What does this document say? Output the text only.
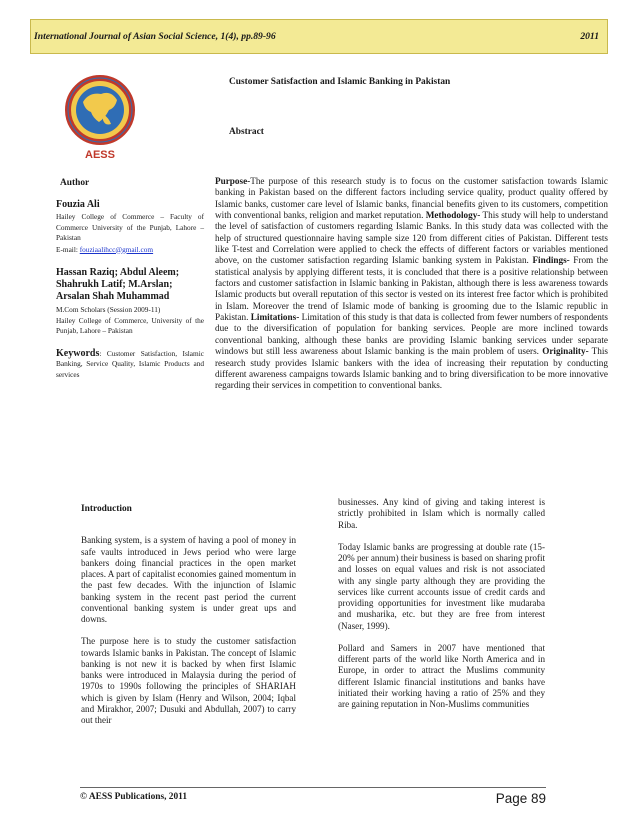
International Journal of Asian Social Science, 1(4), pp.89-96	2011
AESS
Customer Satisfaction and Islamic Banking in Pakistan
Abstract
Author

Fouzia Ali

Hailey College of Commerce – Faculty of Commerce University of the Punjab, Lahore – Pakistan

E-mail: fouziaalihcc@gmail.com

Hassan Raziq; Abdul Aleem; Shahrukh Latif; M.Arslan; Arsalan Shah Muhammad

M.Com Scholars (Session 2009-11)

Hailey College of Commerce, University of the Punjab, Lahore – Pakistan

Keywords: Customer Satisfaction, Islamic Banking, Service Quality, Islamic Products and services

Purpose-The purpose of this research study is to focus on the customer satisfaction towards Islamic banking in Pakistan based on the different factors including service quality, product quality offered by Islamic banks, customer care level of Islamic banks, financial benefits given to its customers, competition with conventional banks, religion and market reputation. Methodology- This study will help to understand the level of satisfaction of customers regarding Islamic Banks. In this study data was collected with the help of structured questionnaire having sample size 120 from different cities of Pakistan. Different tests like T-test and Correlation were applied to check the effects of different factors or variables mentioned above, on the customer satisfaction regarding Islamic banking system in Pakistan. Findings- From the statistical analysis by applying different tests, it is concluded that there is a positive relationship between factors and customer satisfaction in Islamic banking in Pakistan, although there is less awareness towards Islamic products but overall reputation of this sector is vested on its interest free factor which is prohibited in Islam. Moreover the trend of Islamic mode of banking is grooming due to the Islamic republic in Pakistan. Limitations- Limitation of this study is that data is collected from fewer numbers of respondents due to the diversification of population for banking services. People are more inclined towards conventional banking, although these banks are providing Islamic banking services under separate windows but still less awareness about Islamic banking is the main problem of users. Originality- This research study provides Islamic bankers with the idea of increasing their reputation by conducting different awareness campaigns towards Islamic banking and to bring diversification to be more innovative regarding their services in competition to conventional banks.

Introduction

Banking system, is a system of having a pool of money in safe vaults introduced in Jews period who were large bankers doing financial practices in the open market places. A part of capitalist economies gained momentum in the past few decades. With the injunction of Islamic banking system in the recent past period the current conventional banking system is under great ups and downs.

The purpose here is to study the customer satisfaction towards Islamic banks in Pakistan. The concept of Islamic banking is not new it is backed by when first Islamic banks were introduced in Malaysia during the period of 1970s to 1990s following the principles of SHARIAH which is given by Islam (Henry and Wilson, 2004; Iqbal and Mirakhor, 2007; Dusuki and Abdullah, 2007) to carry out their

businesses. Any kind of giving and taking interest is strictly prohibited in Islam which is normally called Riba.

Today Islamic banks are progressing at double rate (15-20% per annum) their business is based on sharing profit and losses on equal values and risk is not associated with any single party although they are providing the services like current accounts issue of credit cards and providing opportunities for investment like mudaraba and musharika, etc. but they are free from interest (Naser, 1999).

Pollard and Samers in 2007 have mentioned that different parts of the world like North America and in Europe, in order to attract the Muslims community different Islamic financial institutions and banks have initiated their working having a ratio of 25% and they are gaining reputation in Non-Muslims communities

© AESS Publications, 2011	Page 89
